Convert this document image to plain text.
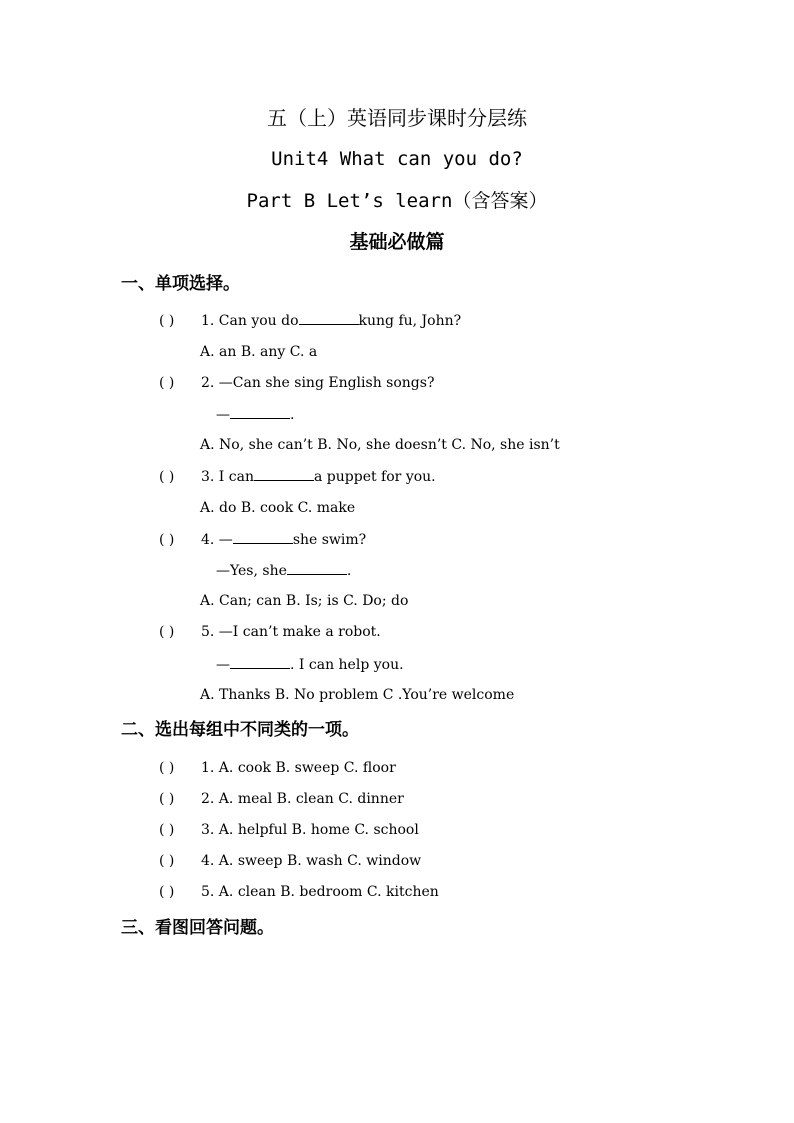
五（上）英语同步课时分层练
Unit4 What can you do?
Part B Let’s learn（含答案）
基础必做篇
一、单项选择。
( ) 1. Can you do	kung fu, John?
A. an B. any C. a
( ) 2. —Can she sing English songs?
—	.
A. No, she can’t B. No, she doesn’t C. No, she isn’t
( ) 3. I can	a puppet for you.
A. do B. cook C. make
( ) 4. —	she swim?
—Yes, she	.
A. Can; can B. Is; is C. Do; do
( ) 5. —I can’t make a robot.
—	. I can help you.
A. Thanks B. No problem C .You’re welcome
二、选出每组中不同类的一项。
( ) 1. A. cook B. sweep C. floor
( ) 2. A. meal B. clean C. dinner
( ) 3. A. helpful B. home C. school
( ) 4. A. sweep B. wash C. window
( ) 5. A. clean B. bedroom C. kitchen
三、看图回答问题。
